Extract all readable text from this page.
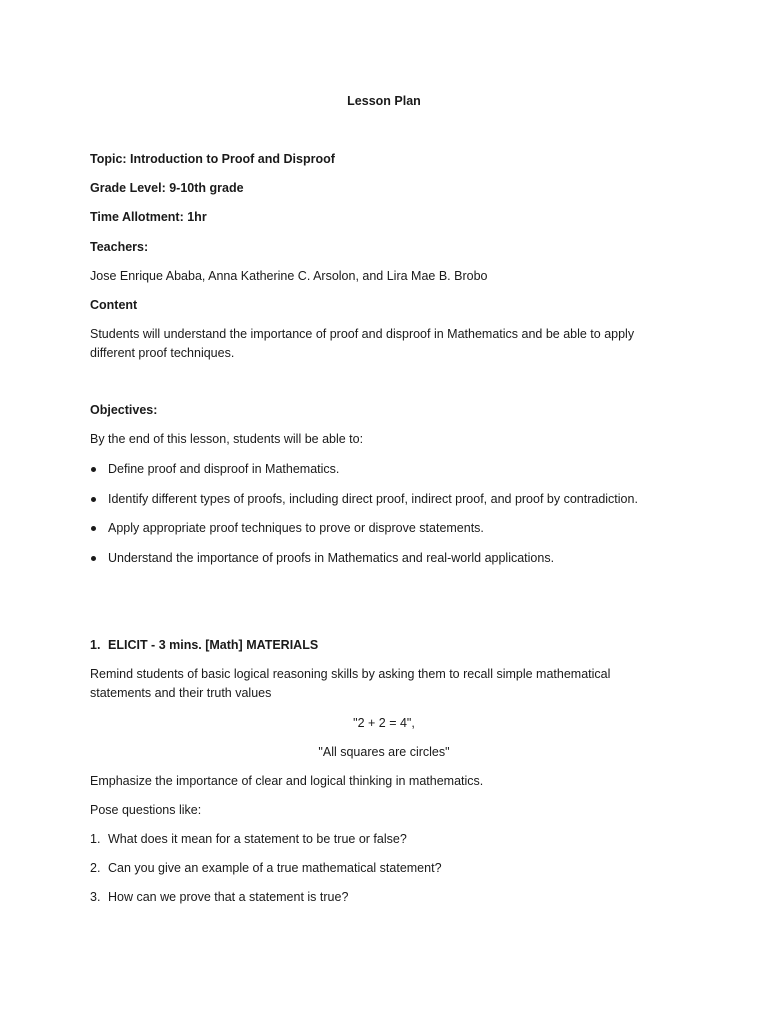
Lesson Plan
Topic: Introduction to Proof and Disproof
Grade Level: 9-10th grade
Time Allotment: 1hr
Teachers:
Jose Enrique Ababa, Anna Katherine C. Arsolon, and Lira Mae B. Brobo
Content
Students will understand the importance of proof and disproof in Mathematics and be able to apply different proof techniques.
Objectives:
By the end of this lesson, students will be able to:
Define proof and disproof in Mathematics.
Identify different types of proofs, including direct proof, indirect proof, and proof by contradiction.
Apply appropriate proof techniques to prove or disprove statements.
Understand the importance of proofs in Mathematics and real-world applications.
1. ELICIT - 3 mins. [Math] MATERIALS
Remind students of basic logical reasoning skills by asking them to recall simple mathematical statements and their truth values
"2 + 2 = 4",
"All squares are circles"
Emphasize the importance of clear and logical thinking in mathematics.
Pose questions like:
1. What does it mean for a statement to be true or false?
2. Can you give an example of a true mathematical statement?
3. How can we prove that a statement is true?
